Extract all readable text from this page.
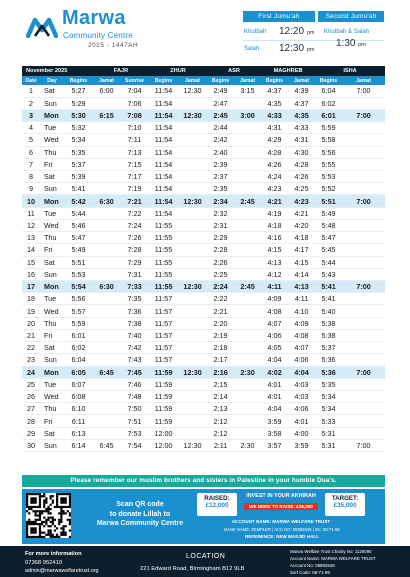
Marwa
Community Centre
2025 - 1447AH
First Jumu'ah	Second Jumu'ah
Khutbah 12:20 pm
Salah: 12:30 pm
Khutbah & Salah
1:30 pm
November 2025			FAJR		ZHUR		ASR		MAGHREB		ISHA	
Date	Day	Begins	Jamat	Sunrise	Begins	Jamat	Begins	Jamat	Begins	Jamat	Begins	Jamat
1	Sat	5:27	6:00	7:04	11:54	12:30	2:49	3:15	4:37	4:39	6:04	7:00
2	Sun	5:29		7:06	11:54		2:47		4:35	4:37	6:02	
3	Mon	5:30	6:15	7:08	11:54	12:30	2:45	3:00	4:33	4:35	6:01	7:00
4	Tue	5:32		7:10	11:54		2:44		4:31	4:33	5:59	
5	Wed	5:34		7:11	11:54		2:42		4:29	4:31	5:58	
6	Thu	5:35		7:13	11:54		2:40		4:28	4:30	5:56	
7	Fri	5:37		7:15	11:54		2:39		4:26	4:28	5:55	
8	Sat	5:39		7:17	11:54		2:37		4:24	4:26	5:53	
9	Sun	5:41		7:19	11:54		2:35		4:23	4:25	5:52	
10	Mon	5:42	6:30	7:21	11:54	12:30	2:34	2:45	4:21	4:23	5:51	7:00
11	Tue	5:44		7:22	11:54		2:32		4:19	4:21	5:49	
12	Wed	5:46		7:24	11:55		2:31		4:18	4:20	5:48	
13	Thu	5:47		7:26	11:55		2:29		4:16	4:18	5:47	
14	Fri	5:49		7:28	11:55		2:28		4:15	4:17	5:45	
15	Sat	5:51		7:29	11:55		2:26		4:13	4:15	5:44	
16	Sun	5:53		7:31	11:55		2:25		4:12	4:14	5:43	
17	Mon	5:54	6:30	7:33	11:55	12:30	2:24	2:45	4:11	4:13	5:41	7:00
18	Tue	5:56		7:35	11:57		2:22		4:09	4:11	5:41	
19	Wed	5:57		7:36	11:57		2:21		4:08	4:10	5:40	
20	Thu	5:59		7:38	11:57		2:20		4:07	4:09	5:38	
21	Fri	6:01		7:40	11:57		2:19		4:06	4:08	5:38	
22	Sat	6:02		7:42	11:57		2:18		4:05	4:07	5:37	
23	Sun	6:04		7:43	11:57		2:17		4:04	4:06	5:36	
24	Mon	6:05	6:45	7:45	11:59	12:30	2:16	2:30	4:02	4:04	5:36	7:00
25	Tue	6:07		7:46	11:59		2:15		4:01	4:03	5:35	
26	Wed	6:08		7:48	11:59		2:14		4:01	4:03	5:34	
27	Thu	6:10		7:50	11:59		2:13		4:04	4:06	5:34	
28	Fri	6:11		7:51	11:59		2:12		3:59	4:01	5:33	
29	Sat	6:13		7:53	12:00		2:12		3:58	4:00	5:31	
30	Sun	6:14	6:45	7:54	12:00	12:30	2:11	2:30	3:57	3:59	5:31	7:00
Please remember our muslim brothers and sisters in Palestine in your humble Dua's.
Scan QR code
to donate Lillah to
Marwa Community Centre
RAISED:
£12,000
INVEST IN YOUR AKHIRAH
WE NEED TO RAISE: £35,000
TARGET:
£35,000
ACCOUNT NAME: MARWA WELFARE TRUST
BANK NAME: ZEMPLER | ACC NO: 08892848 | SC: 08-71-99
REFERENCE: NEW MASJID HALL
For more information
07368 952410
admin@marwawelfaretrust.org
LOCATION
221 Edward Road, Birmingham B12 9LB
Marwa Welfare Trust Charity No: 1129090
Account Name: MARWA WELFARE TRUST
Account No: 08892848
Sort Code: 08-71-99
